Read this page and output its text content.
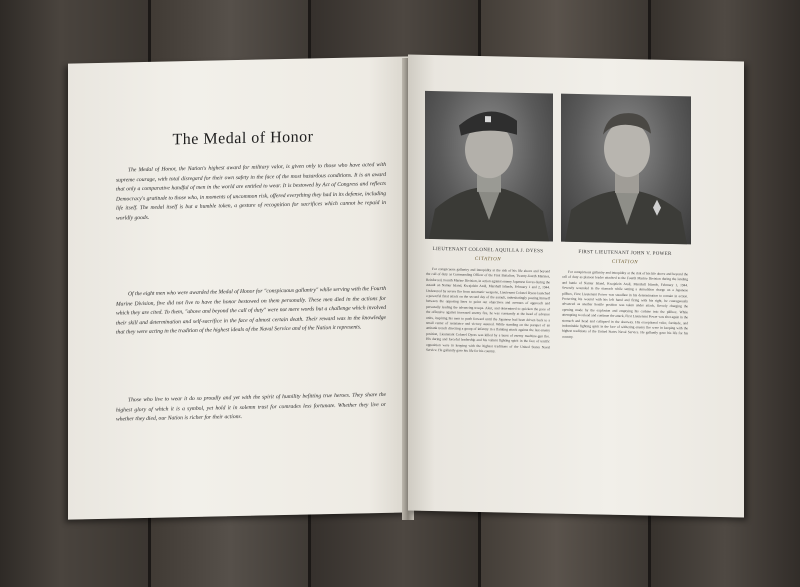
The Medal of Honor
The Medal of Honor, the Nation's highest award for military valor, is given only to those who have acted with supreme courage, with total disregard for their own safety in the face of the most hazardous conditions. It is an award that only a comparative handful of men in the world are entitled to wear. It is bestowed by Act of Congress and reflects Democracy's gratitude to those who, in moments of uncommon risk, offered everything they had in its defense, including life itself. The medal itself is but a humble token, a gesture of recognition for sacrifices which cannot be repaid in worldly goods.
Of the eight men who were awarded the Medal of Honor for "conspicuous gallantry" while serving with the Fourth Marine Division, five did not live to have the honor bestowed on them personally. These men died in the actions for which they are cited. To them, "above and beyond the call of duty" were not mere words but a challenge which involved their skill and determination and self-sacrifice in the face of almost certain death. Their reward was in the knowledge that they were acting in the tradition of the highest ideals of the Naval Service and of the Nation it represents.
Those who live to wear it do so proudly and yet with the spirit of humility befitting true heroes. They share the highest glory of which it is a symbol, yet hold it in solemn trust for comrades less fortunate. Whether they live or whether they died, our Nation is richer for their actions.
LIEUTENANT COLONEL AQUILLA J. DYESS	FIRST LIEUTENANT JOHN V. POWER
CITATION
CITATION
For conspicuous gallantry and intrepidity at the risk of his life above and beyond the call of duty as Commanding Officer of the First Battalion, Twenty-fourth Marines, Reinforced, Fourth Marine Division, in action against enemy Japanese forces during the assault on Namur Island, Kwajalein Atoll, Marshall Islands, February 1 and 2, 1944. Undeterred by severe fire from automatic weapons, Lieutenant Colonel Dyess launched a powerful final attack on the second day of the assault, unhesitatingly posting himself between the opposing lines to point out objectives and avenues of approach and personally leading the advancing troops. Alert, and determined to quicken the pace of the offensive against increased enemy fire, he was constantly at the head of advance units, inspiring his men to push forward until the Japanese had been driven back to a small center of resistance and victory assured. While standing on the parapet of an antitank trench directing a group of infantry in a flanking attack against the last enemy position, Lieutenant Colonel Dyess was killed by a burst of enemy machine-gun fire. His daring and forceful leadership and his valiant fighting spirit in the face of terrific opposition were in keeping with the highest traditions of the United States Naval Service. He gallantly gave his life for his country.
For conspicuous gallantry and intrepidity at the risk of his life above and beyond the call of duty as platoon leader attached to the Fourth Marine Division during the landing and battle of Namur Island, Kwajalein Atoll, Marshall Islands, February 1, 1944. Severely wounded in the stomach while setting a demolition charge on a Japanese pillbox, First Lieutenant Power was steadfast in his determination to remain in action. Protecting his wound with his left hand and firing with his right, he courageously advanced as another hostile position was taken under attack, fiercely charging the opening made by the explosion and emptying his carbine into the pillbox. While attempting to reload and continue the attack, First Lieutenant Power was shot again in the stomach and head and collapsed in the doorway. His exceptional valor, fortitude, and indomitable fighting spirit in the face of withering enemy fire were in keeping with the highest traditions of the United States Naval Service. He gallantly gave his life for his country.
